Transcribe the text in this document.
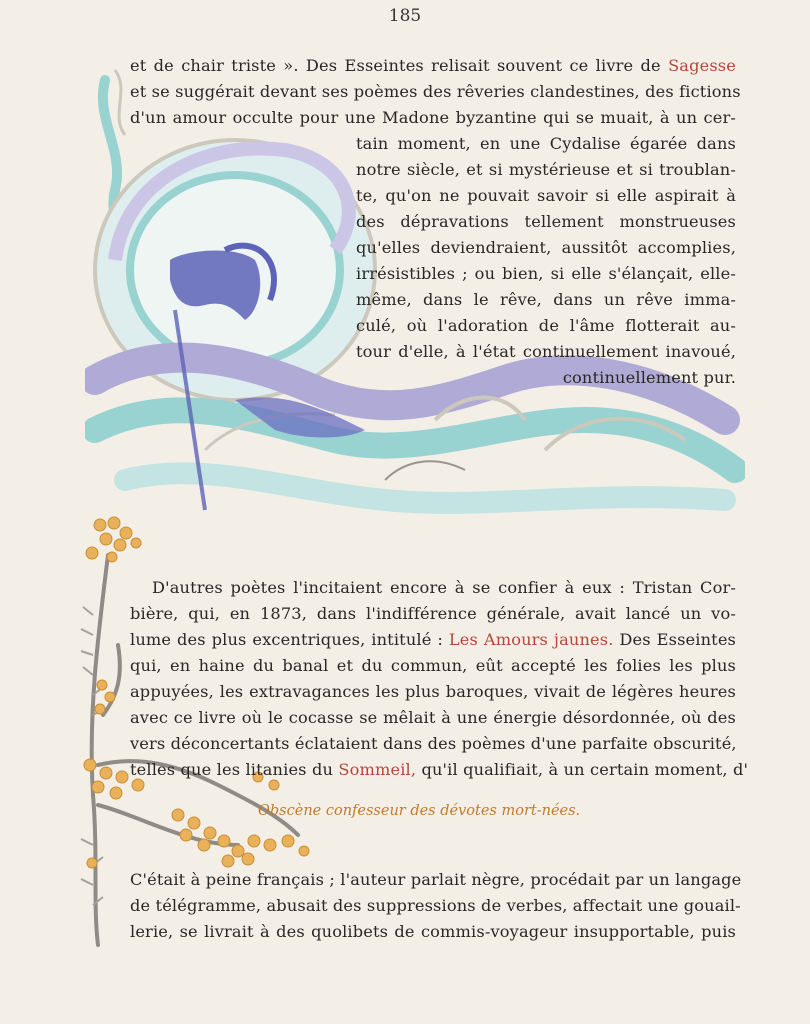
185
et de chair triste ». Des Esseintes relisait souvent ce livre de Sagesse
et se suggérait devant ses poèmes des rêveries clandestines, des fictions
d'un amour occulte pour une Madone byzantine qui se muait, à un cer-
tain moment, en une Cydalise égarée dans
notre siècle, et si mystérieuse et si troublan-
te, qu'on ne pouvait savoir si elle aspirait à
des dépravations tellement monstrueuses
qu'elles deviendraient, aussitôt accomplies,
irrésistibles ; ou bien, si elle s'élançait, elle-
même, dans le rêve, dans un rêve imma-
culé, où l'adoration de l'âme flotterait au-
tour d'elle, à l'état continuellement inavoué,
continuellement pur.
D'autres poètes l'incitaient encore à se confier à eux : Tristan Cor-
bière, qui, en 1873, dans l'indifférence générale, avait lancé un vo-
lume des plus excentriques, intitulé : Les Amours jaunes. Des Esseintes
qui, en haine du banal et du commun, eût accepté les folies les plus
appuyées, les extravagances les plus baroques, vivait de légères heures
avec ce livre où le cocasse se mêlait à une énergie désordonnée, où des
vers déconcertants éclataient dans des poèmes d'une parfaite obscurité,
telles que les litanies du Sommeil, qu'il qualifiait, à un certain moment, d'
Obscène confesseur des dévotes mort-nées.
C'était à peine français ; l'auteur parlait nègre, procédait par un langage
de télégramme, abusait des suppressions de verbes, affectait une gouail-
lerie, se livrait à des quolibets de commis-voyageur insupportable, puis
